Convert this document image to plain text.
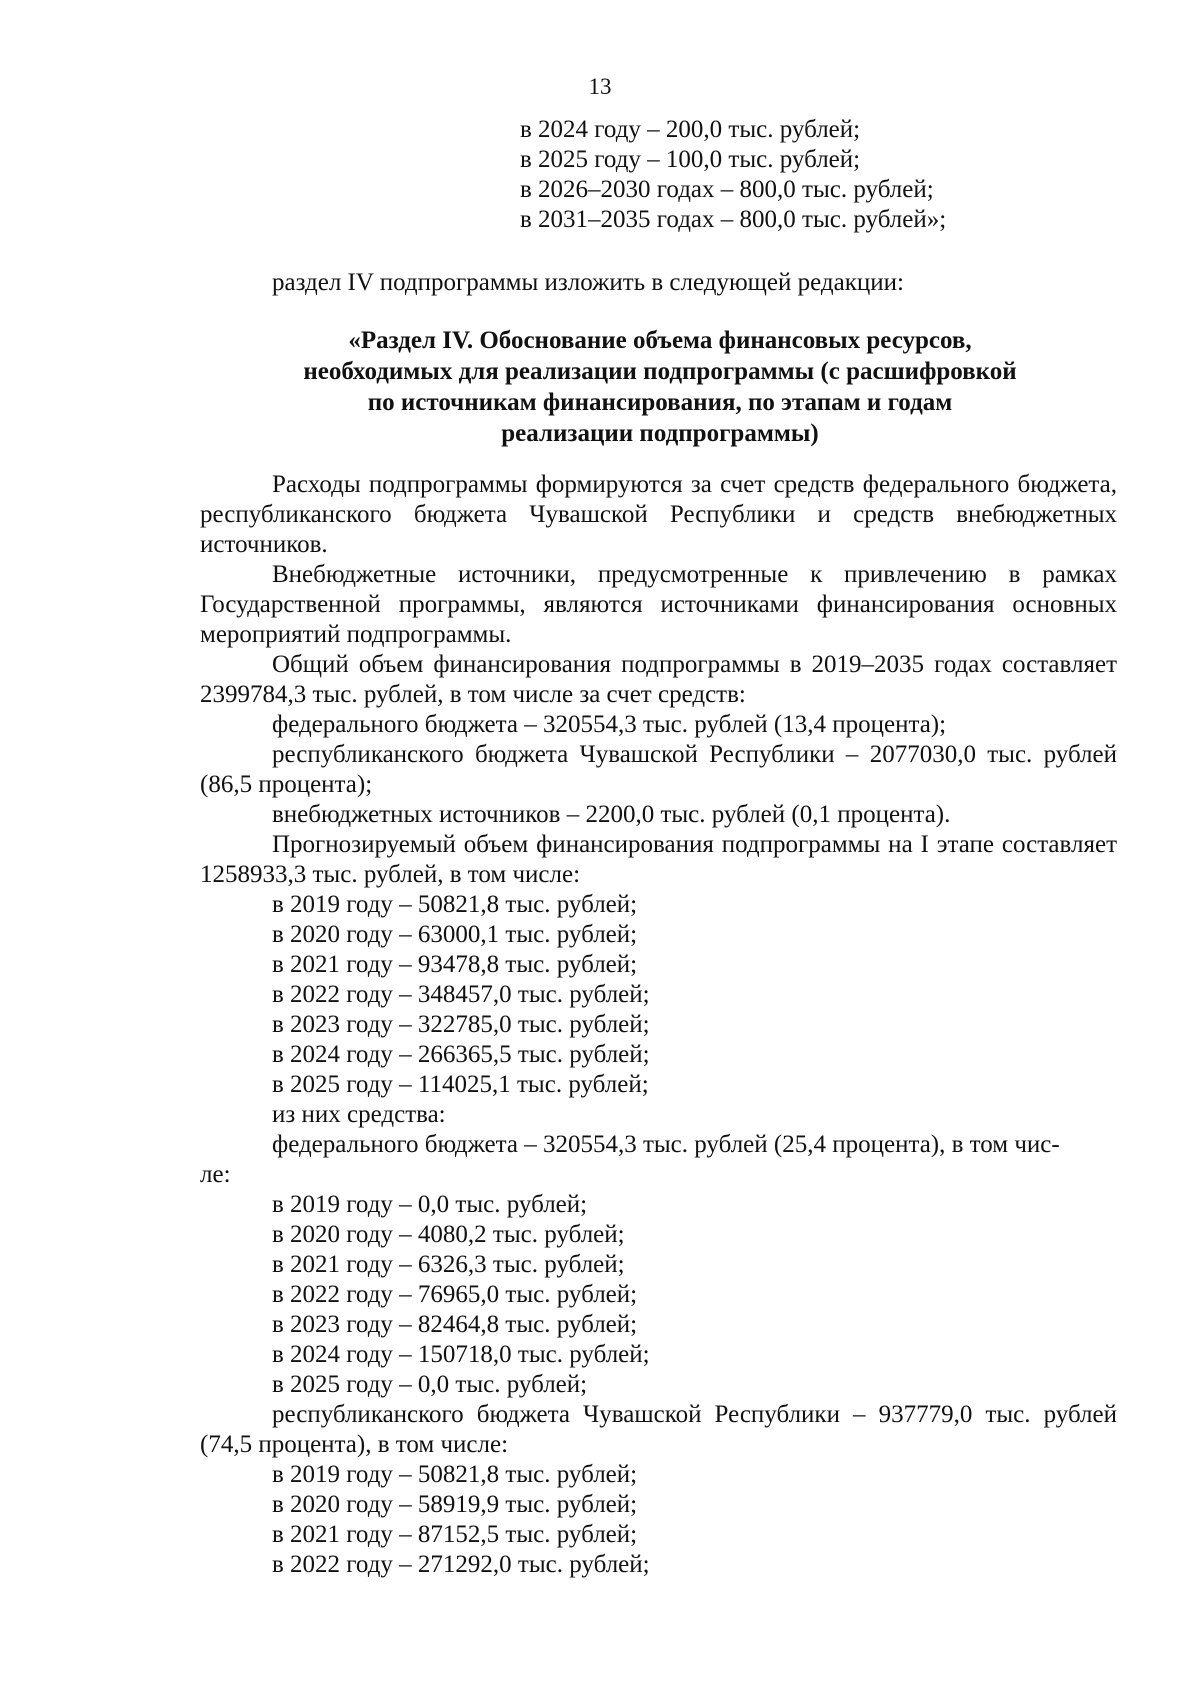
13
в 2024 году – 200,0 тыс. рублей;
в 2025 году – 100,0 тыс. рублей;
в 2026–2030 годах – 800,0 тыс. рублей;
в 2031–2035 годах – 800,0 тыс. рублей»;
раздел IV подпрограммы изложить в следующей редакции:
«Раздел IV. Обоснование объема финансовых ресурсов,
необходимых для реализации подпрограммы (с расшифровкой
по источникам финансирования, по этапам и годам
реализации подпрограммы)

Расходы подпрограммы формируются за счет средств федерального бюджета, республиканского бюджета Чувашской Республики и средств внебюджетных источников.

Внебюджетные источники, предусмотренные к привлечению в рамках Государственной программы, являются источниками финансирования основных мероприятий подпрограммы.

Общий объем финансирования подпрограммы в 2019–2035 годах составляет 2399784,3 тыс. рублей, в том числе за счет средств:

федерального бюджета – 320554,3 тыс. рублей (13,4 процента);

республиканского бюджета Чувашской Республики – 2077030,0 тыс. рублей (86,5 процента);

внебюджетных источников – 2200,0 тыс. рублей (0,1 процента).

Прогнозируемый объем финансирования подпрограммы на I этапе составляет 1258933,3 тыс. рублей, в том числе:

в 2019 году – 50821,8 тыс. рублей;
в 2020 году – 63000,1 тыс. рублей;
в 2021 году – 93478,8 тыс. рублей;
в 2022 году – 348457,0 тыс. рублей;
в 2023 году – 322785,0 тыс. рублей;
в 2024 году – 266365,5 тыс. рублей;
в 2025 году – 114025,1 тыс. рублей;
из них средства:
федерального бюджета – 320554,3 тыс. рублей (25,4 процента), в том чис-
ле:
в 2019 году – 0,0 тыс. рублей;
в 2020 году – 4080,2 тыс. рублей;
в 2021 году – 6326,3 тыс. рублей;
в 2022 году – 76965,0 тыс. рублей;
в 2023 году – 82464,8 тыс. рублей;
в 2024 году – 150718,0 тыс. рублей;
в 2025 году – 0,0 тыс. рублей;

республиканского бюджета Чувашской Республики – 937779,0 тыс. рублей (74,5 процента), в том числе:

в 2019 году – 50821,8 тыс. рублей;
в 2020 году – 58919,9 тыс. рублей;
в 2021 году – 87152,5 тыс. рублей;
в 2022 году – 271292,0 тыс. рублей;
